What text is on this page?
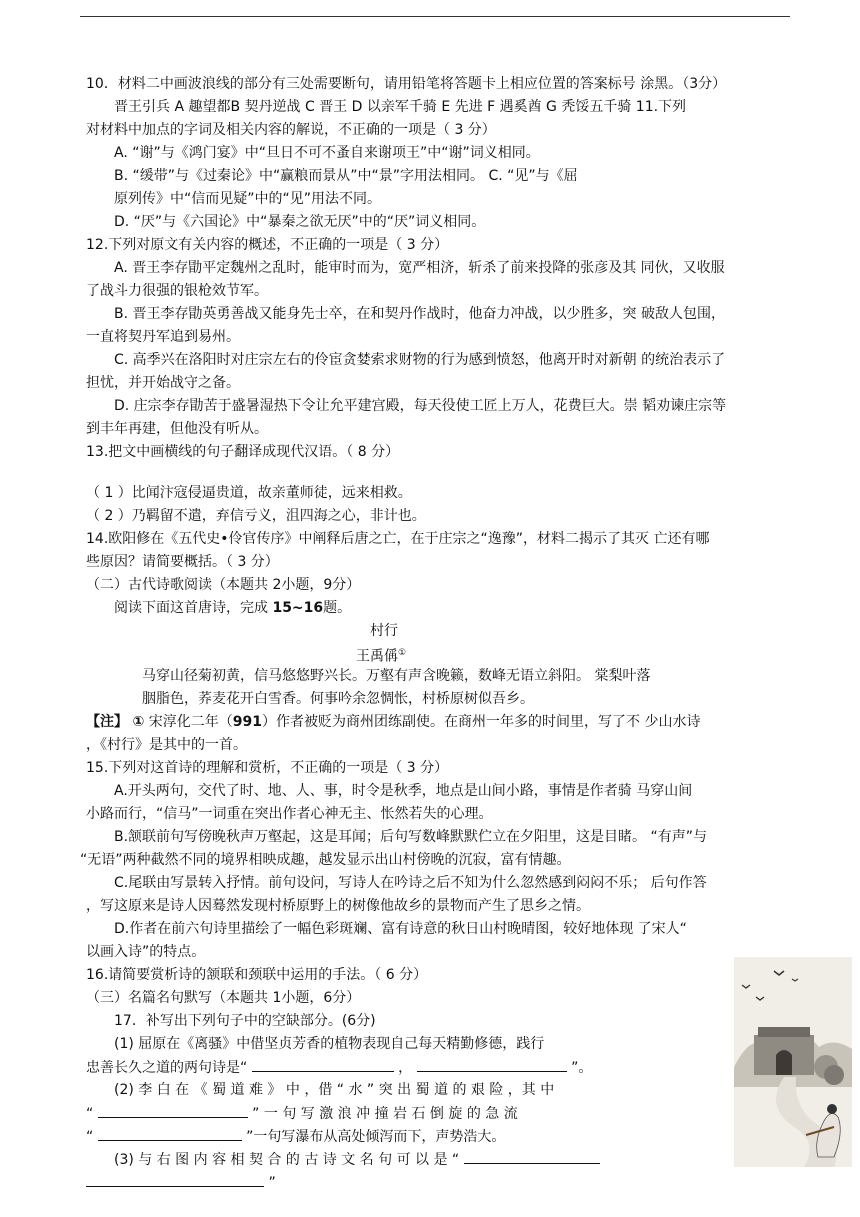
10．材料二中画波浪线的部分有三处需要断句，请用铅笔将答题卡上相应位置的答案标号 涂黑。（3分）
晋王引兵 A 趣望都B 契丹逆战 C 晋王 D 以亲军千骑 E 先进 F 遇奚酋 G 秃馁五千骑 11.下列
对材料中加点的字词及相关内容的解说，不正确的一项是（ 3 分）
A. “谢”与《鸿门宴》中“旦日不可不蚤自来谢项王”中“谢”词义相同。
B. “缓带”与《过秦论》中“赢粮而景从”中“景”字用法相同。 C. “见”与《屈
原列传》中“信而见疑”中的“见”用法不同。
D. “厌”与《六国论》中“暴秦之欲无厌”中的“厌”词义相同。
12.下列对原文有关内容的概述，不正确的一项是（ 3 分）
A. 晋王李存勖平定魏州之乱时，能审时而为，宽严相济，斩杀了前来投降的张彦及其 同伙，又收服
了战斗力很强的银枪效节军。
B. 晋王李存勖英勇善战又能身先士卒，在和契丹作战时，他奋力冲战，以少胜多，突 破敌人包围，
一直将契丹军追到易州。
C. 高季兴在洛阳时对庄宗左右的伶宦贪婪索求财物的行为感到愤怒，他离开时对新朝 的统治表示了
担忧，并开始战守之备。
D. 庄宗李存勖苦于盛暑湿热下令让允平建宫殿，每天役使工匠上万人，花费巨大。崇 韬劝谏庄宗等
到丰年再建，但他没有听从。
13.把文中画横线的句子翻译成现代汉语。（ 8 分）
（ 1 ）比闻汴寇侵逼贵道，故亲董师徒，远来相救。
（ 2 ）乃羁留不遣，弃信亏义，沮四海之心，非计也。
14.欧阳修在《五代史•伶官传序》中阐释后唐之亡，在于庄宗之“逸豫”，材料二揭示了其灭 亡还有哪
些原因？请简要概括。（ 3 分）
（二）古代诗歌阅读（本题共 2小题，9分）
阅读下面这首唐诗，完成 15~16题。
村行
王禹偁①
马穿山径菊初黄，信马悠悠野兴长。万壑有声含晚籁，数峰无语立斜阳。 棠梨叶落
胭脂色，荞麦花开白雪香。何事吟余忽惆怅，村桥原树似吾乡。
【注】 ① 宋淳化二年（991）作者被贬为商州团练副使。在商州一年多的时间里，写了不 少山水诗
，《村行》是其中的一首。
15.下列对这首诗的理解和赏析，不正确的一项是（ 3 分）
A.开头两句，交代了时、地、人、事，时令是秋季，地点是山间小路，事情是作者骑 马穿山间
小路而行，“信马”一词重在突出作者心神无主、怅然若失的心理。
B.颔联前句写傍晚秋声万壑起，这是耳闻；后句写数峰默默伫立在夕阳里，这是目睹。 “有声”与
“无语”两种截然不同的境界相映成趣，越发显示出山村傍晚的沉寂，富有情趣。
C.尾联由写景转入抒情。前句设问，写诗人在吟诗之后不知为什么忽然感到闷闷不乐； 后句作答
，写这原来是诗人因蓦然发现村桥原野上的树像他故乡的景物而产生了思乡之情。
D.作者在前六句诗里描绘了一幅色彩斑斓、富有诗意的秋日山村晚晴图，较好地体现 了宋人“
以画入诗”的特点。
16.请简要赏析诗的颔联和颈联中运用的手法。（ 6 分）
（三）名篇名句默写（本题共 1小题，6分）
17．补写出下列句子中的空缺部分。(6分)
(1) 屈原在《离骚》中借坚贞芳香的植物表现自己每天精勤修德，践行
忠善长久之道的两句诗是“	，	”。
(2) 李 白 在 《 蜀 道 难 》 中 ，借 “ 水 ” 突 出 蜀 道 的 艰 险 ，其 中
“	” 一 句 写 激 浪 冲 撞 岩 石 倒 旋 的 急 流
“	”一句写瀑布从高处倾泻而下，声势浩大。
(3) 与 右 图 内 容 相 契 合 的 古 诗 文 名 句 可 以 是 “
”
